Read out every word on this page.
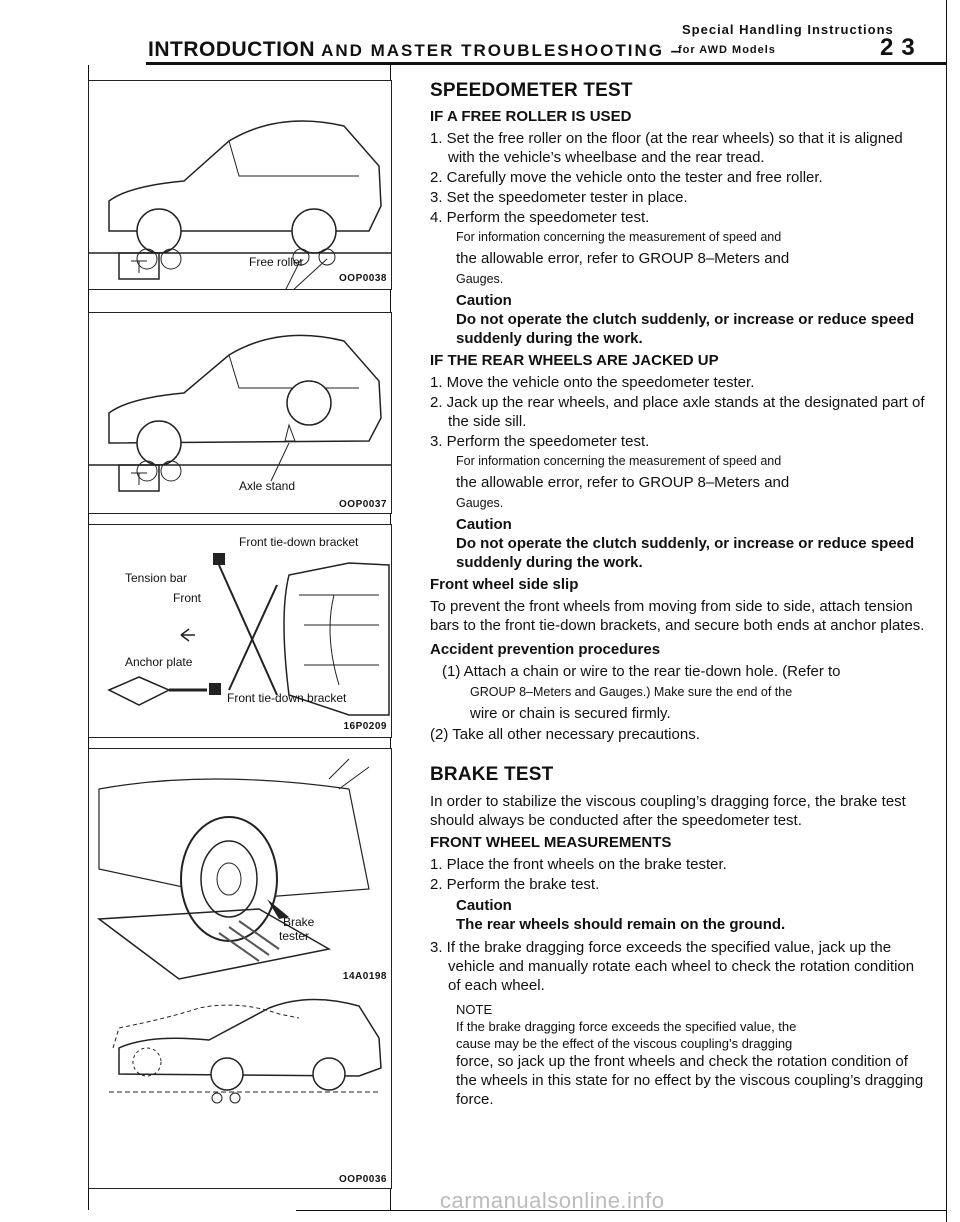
INTRODUCTION AND MASTER TROUBLESHOOTING –
Special Handling Instructions
for AWD Models	23
Free roller
OOP0038
Axle stand
OOP0037
Front tie-down bracket
Tension bar
Front
Anchor plate
Front tie-down bracket
16P0209
Brake
tester
14A0198
OOP0036
SPEEDOMETER TEST
IF A FREE ROLLER IS USED
1. Set the free roller on the floor (at the rear wheels) so that it is aligned with the vehicle’s wheelbase and the rear tread.
2. Carefully move the vehicle onto the tester and free roller.
3. Set the speedometer tester in place.
4. Perform the speedometer test.
For information concerning the measurement of speed and
the allowable error, refer to GROUP 8–Meters and
Gauges.
Caution
Do not operate the clutch suddenly, or increase or reduce speed suddenly during the work.
IF THE REAR WHEELS ARE JACKED UP
1. Move the vehicle onto the speedometer tester.
2. Jack up the rear wheels, and place axle stands at the designated part of the side sill.
3. Perform the speedometer test.
For information concerning the measurement of speed and
the allowable error, refer to GROUP 8–Meters and
Gauges.
Caution
Do not operate the clutch suddenly, or increase or reduce speed suddenly during the work.
Front wheel side slip
To prevent the front wheels from moving from side to side, attach tension bars to the front tie-down brackets, and secure both ends at anchor plates.
Accident prevention procedures
(1) Attach a chain or wire to the rear tie-down hole. (Refer to
GROUP 8–Meters and Gauges.) Make sure the end of the
wire or chain is secured firmly.
(2) Take all other necessary precautions.
BRAKE TEST
In order to stabilize the viscous coupling’s dragging force, the brake test should always be conducted after the speedometer test.
FRONT WHEEL MEASUREMENTS
1. Place the front wheels on the brake tester.
2. Perform the brake test.
Caution
The rear wheels should remain on the ground.
3. If the brake dragging force exceeds the specified value, jack up the vehicle and manually rotate each wheel to check the rotation condition of each wheel.
NOTE
If the brake dragging force exceeds the specified value, the
cause may be the effect of the viscous coupling’s dragging
force, so jack up the front wheels and check the rotation condition of the wheels in this state for no effect by the viscous coupling’s dragging force.
carmanualsonline.info
